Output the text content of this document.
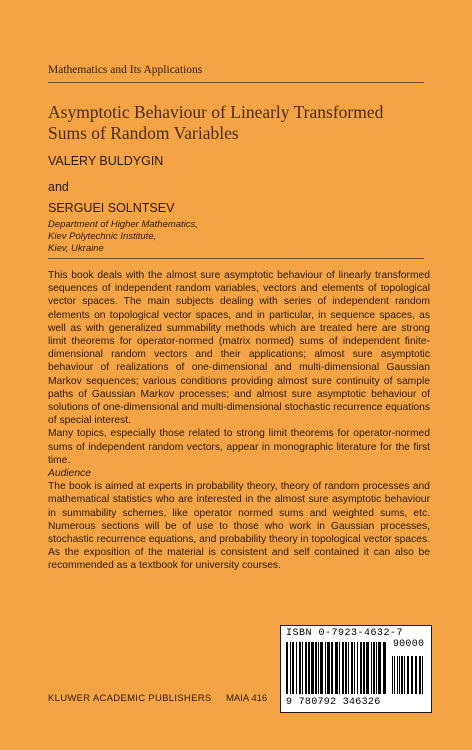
Mathematics and Its Applications
Asymptotic Behaviour of Linearly Transformed
Sums of Random Variables
VALERY BULDYGIN
and
SERGUEI SOLNTSEV
Department of Higher Mathematics,
Kiev Polytechnic Institute,
Kiev, Ukraine

This book deals with the almost sure asymptotic behaviour of linearly transformed sequences of independent random variables, vectors and elements of topological vector spaces. The main subjects dealing with series of independent random elements on topological vector spaces, and in particular, in sequence spaces, as well as with generalized summability methods which are treated here are strong limit theorems for operator-normed (matrix normed) sums of independent finite-dimensional random vectors and their applications; almost sure asymptotic behaviour of realizations of one-dimensional and multi-dimensional Gaussian Markov sequences; various conditions providing almost sure continuity of sample paths of Gaussian Markov processes; and almost sure asymptotic behaviour of solutions of one-dimensional and multi-dimensional stochastic recurrence equations of special interest.

Many topics, especially those related to strong limit theorems for operator-normed sums of independent random vectors, appear in monographic literature for the first time.

Audience

The book is aimed at experts in probability theory, theory of random processes and mathematical statistics who are interested in the almost sure asymptotic behaviour in summability schemes, like operator normed sums and weighted sums, etc. Numerous sections will be of use to those who work in Gaussian processes, stochastic recurrence equations, and probability theory in topological vector spaces. As the exposition of the material is consistent and self contained it can also be recommended as a textbook for university courses.

ISBN 0-7923-4632-7
9 780792 346326 90000
KLUWER ACADEMIC PUBLISHERS MAIA 416
